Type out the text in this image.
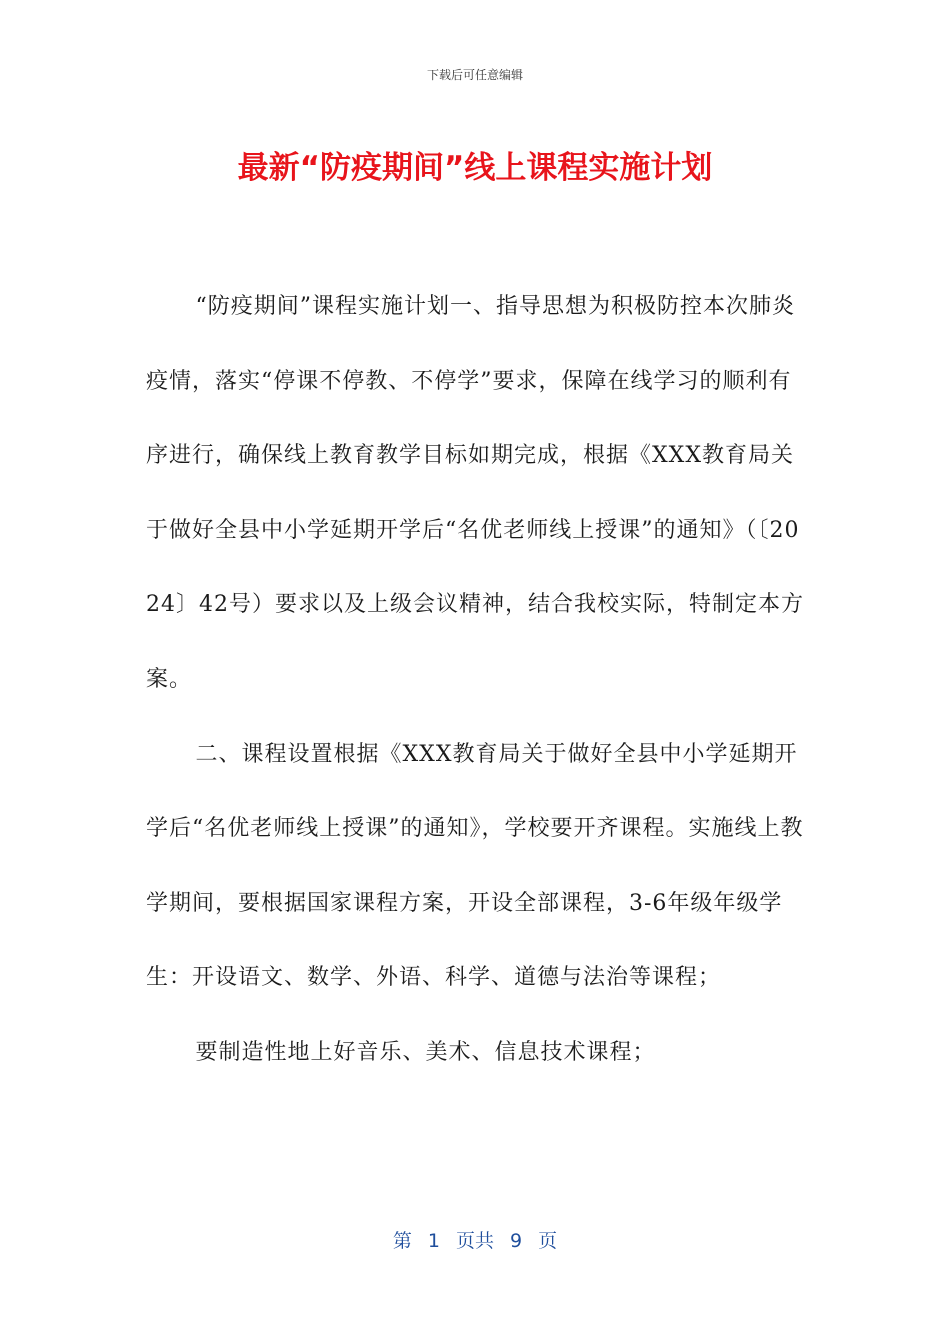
下载后可任意编辑
最新“防疫期间”线上课程实施计划

“防疫期间”课程实施计划一、指导思想为积极防控本次肺炎疫情，落实“停课不停教、不停学”要求，保障在线学习的顺利有序进行，确保线上教育教学目标如期完成，根据《XXX教育局关于做好全县中小学延期开学后“名优老师线上授课”的通知》（〔2024〕42号）要求以及上级会议精神，结合我校实际，特制定本方案。

二、课程设置根据《XXX教育局关于做好全县中小学延期开学后“名优老师线上授课”的通知》，学校要开齐课程。实施线上教学期间，要根据国家课程方案，开设全部课程，3-6年级年级学生：开设语文、数学、外语、科学、道德与法治等课程；

要制造性地上好音乐、美术、信息技术课程；

第 1 页共 9 页
